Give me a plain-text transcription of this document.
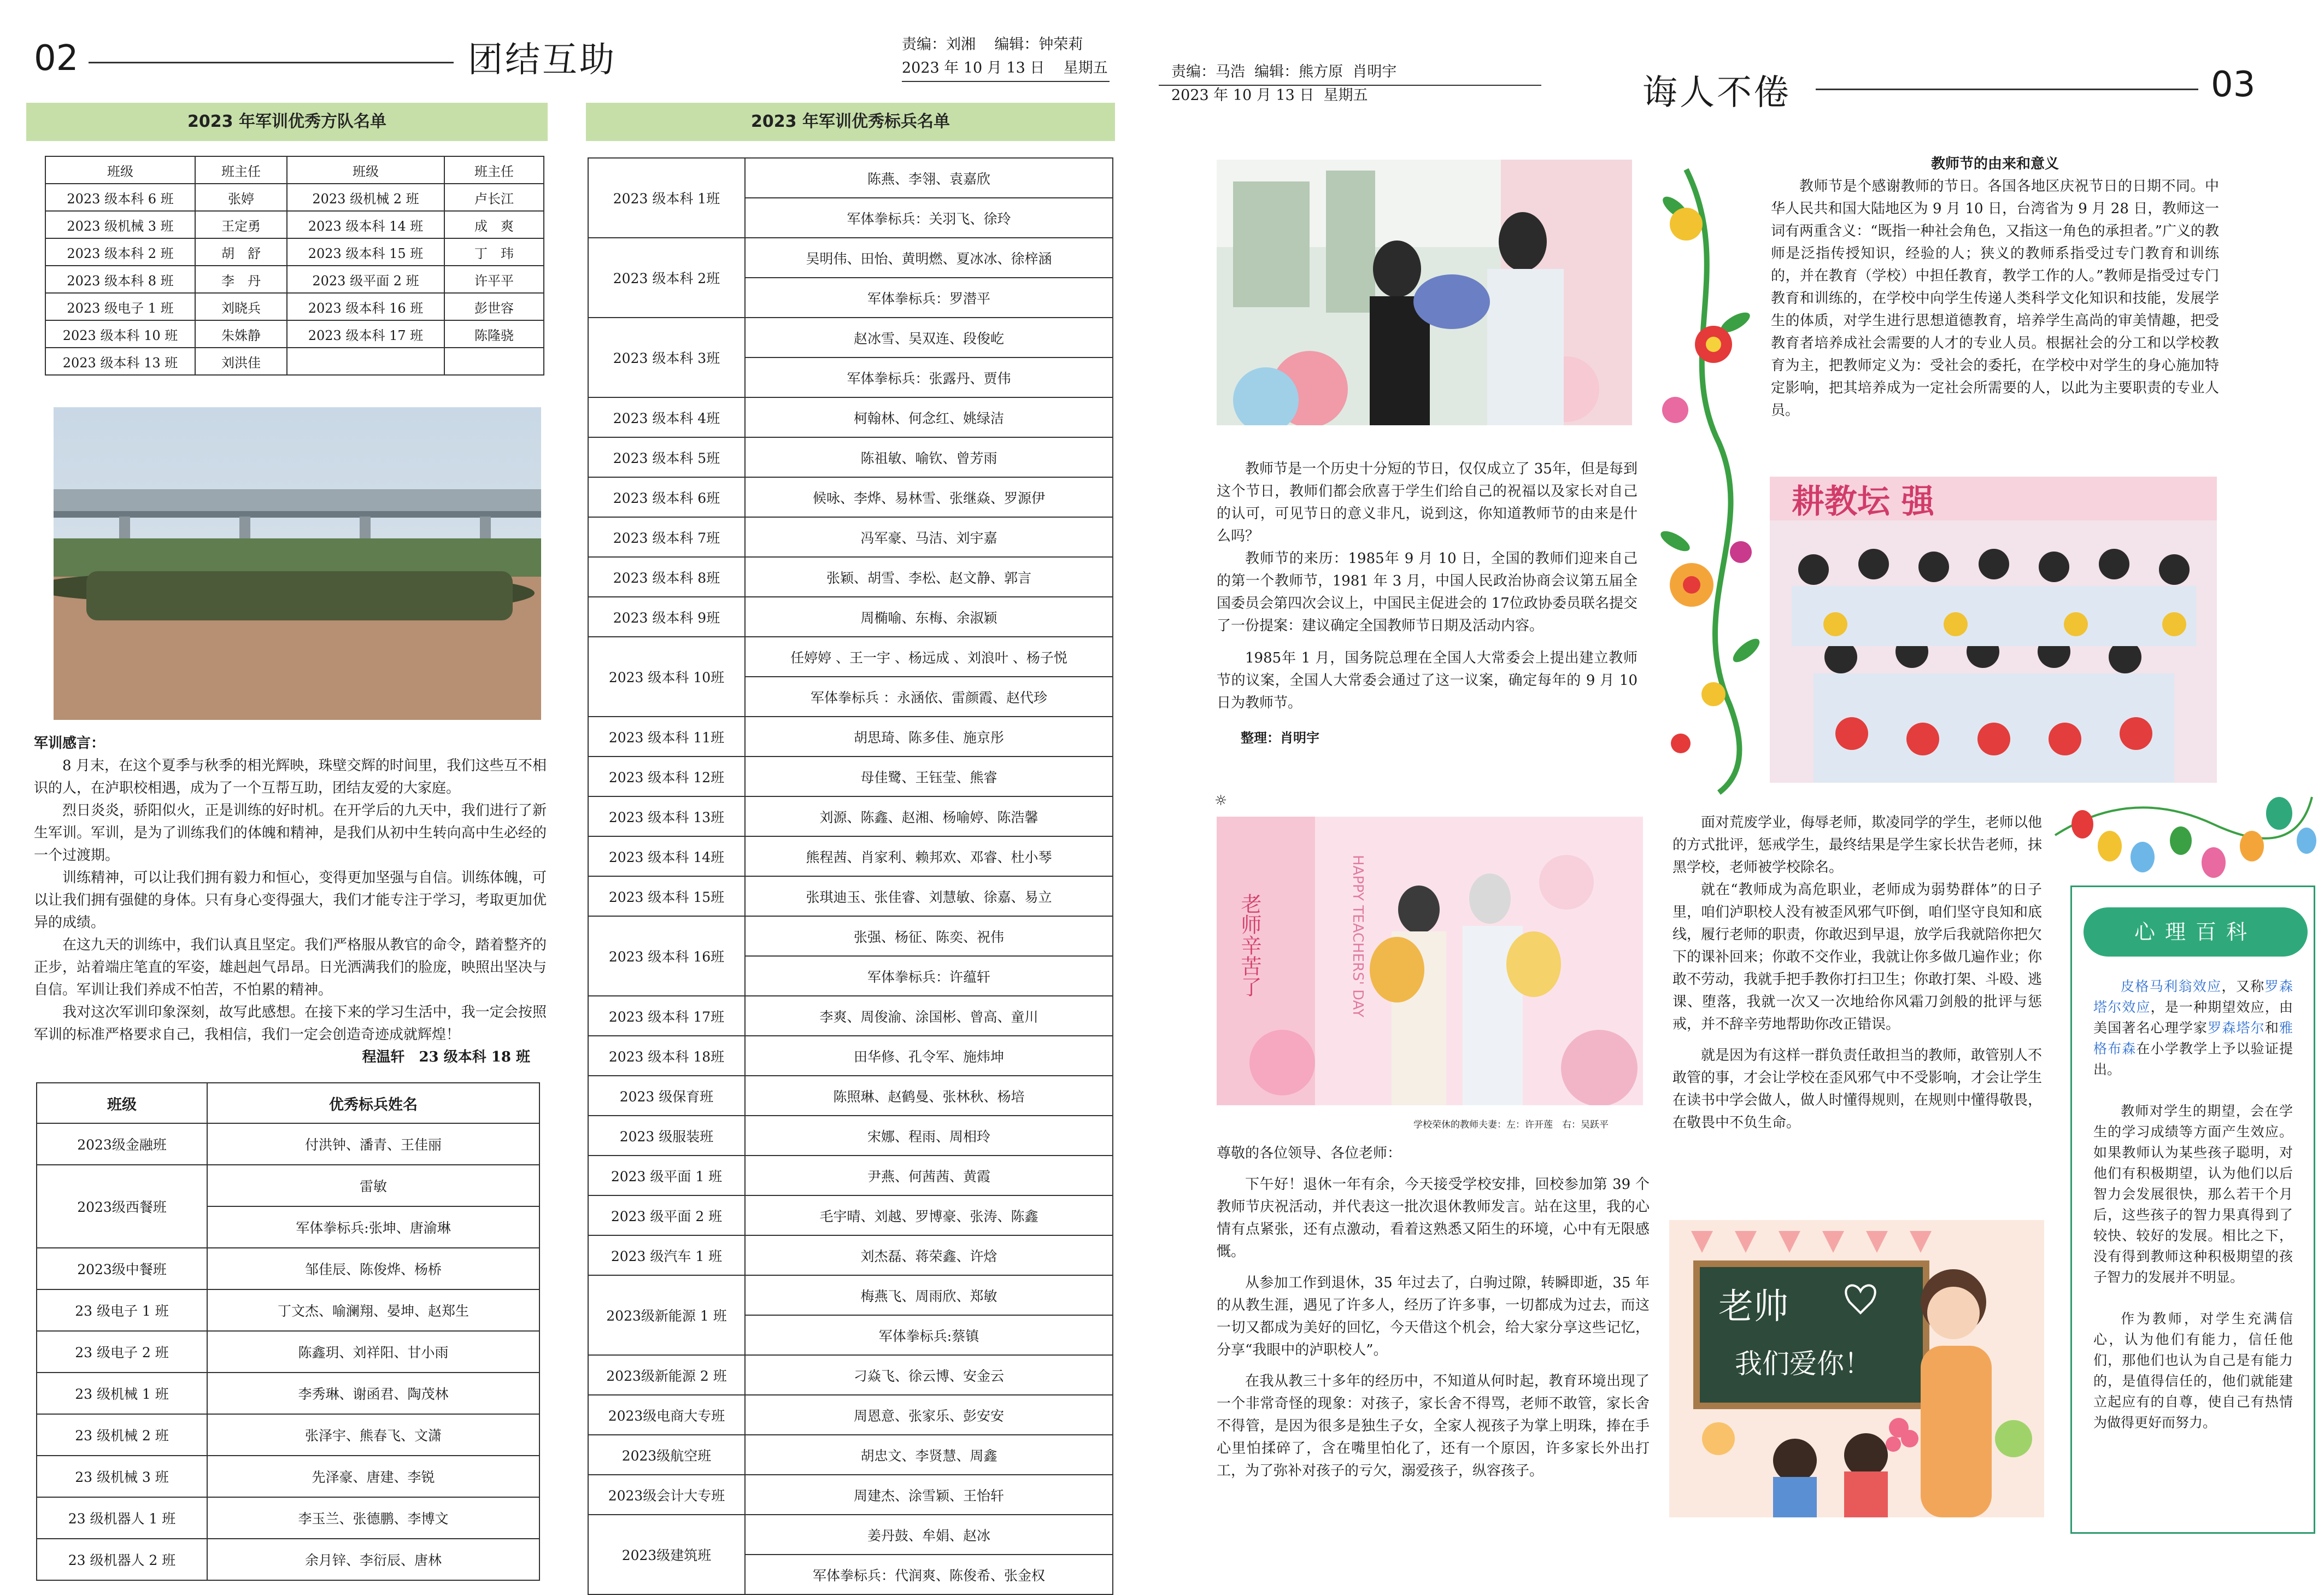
02	团结互助	责编：刘湘    编辑：钟荣莉
2023 年 10 月 13 日    星期五
2023 年军训优秀方队名单
班级	班主任	班级	班主任
2023 级本科 6 班	张婷	2023 级机械 2 班	卢长江
2023 级机械 3 班	王定勇	2023 级本科 14 班	成　爽
2023 级本科 2 班	胡　舒	2023 级本科 15 班	丁　玮
2023 级本科 8 班	李　丹	2023 级平面 2 班	许平平
2023 级电子 1 班	刘晓兵	2023 级本科 16 班	彭世容
2023 级本科 10 班	朱姝静	2023 级本科 17 班	陈隆骁
2023 级本科 13 班	刘洪佳		

军训感言：

8 月末，在这个夏季与秋季的相光辉映，珠壁交辉的时间里，我们这些互不相识的人，在泸职校相遇，成为了一个互帮互助，团结友爱的大家庭。

烈日炎炎，骄阳似火，正是训练的好时机。在开学后的九天中，我们进行了新生军训。军训，是为了训练我们的体魄和精神，是我们从初中生转向高中生必经的一个过渡期。

训练精神，可以让我们拥有毅力和恒心，变得更加坚强与自信。训练体魄，可以让我们拥有强健的身体。只有身心变得强大，我们才能专注于学习，考取更加优异的成绩。

在这九天的训练中，我们认真且坚定。我们严格服从教官的命令，踏着整齐的正步，站着端庄笔直的军姿，雄赳赳气昂昂。日光洒满我们的脸庞，映照出坚决与自信。军训让我们养成不怕苦，不怕累的精神。

我对这次军训印象深刻，故写此感想。在接下来的学习生活中，我一定会按照军训的标准严格要求自己，我相信，我们一定会创造奇迹成就辉煌！

程温轩　23 级本科 18 班

班级	优秀标兵姓名
2023级金融班	付洪钟、潘青、王佳丽
2023级西餐班	雷敏
	军体拳标兵:张坤、唐渝琳
2023级中餐班	邹佳辰、陈俊烨、杨桥
23 级电子 1 班	丁文杰、喻澜翔、晏坤、赵郑生
23 级电子 2 班	陈鑫玥、刘祥阳、甘小雨
23 级机械 1 班	李秀琳、谢函君、陶茂林
23 级机械 2 班	张泽宇、熊春飞、文潇
23 级机械 3 班	先泽豪、唐建、李锐
23 级机器人 1 班	李玉兰、张德鹏、李博文
23 级机器人 2 班	余月锌、李衍辰、唐林
2023 年军训优秀标兵名单
2023 级本科 1班	陈燕、李翎、袁嘉欣
	军体拳标兵：关羽飞、徐玲
2023 级本科 2班	吴明伟、田怡、黄明燃、夏冰冰、徐梓涵
	军体拳标兵：罗潜平
2023 级本科 3班	赵冰雪、吴双连、段俊屹
	军体拳标兵：张露丹、贾伟
2023 级本科 4班	柯翰林、何念红、姚绿洁
2023 级本科 5班	陈祖敏、喻钦、曾芳雨
2023 级本科 6班	候咏、李烨、易林雪、张继焱、罗源伊
2023 级本科 7班	冯军豪、马洁、刘宇嘉
2023 级本科 8班	张颖、胡雪、李松、赵文静、郭言
2023 级本科 9班	周椭喻、东梅、余淑颖
2023 级本科 10班	任婷婷 、王一宇 、杨远成 、刘浪叶 、杨子悦
	军体拳标兵 ：永涵依、雷颜霞、赵代珍
2023 级本科 11班	胡思琦、陈多佳、施京彤
2023 级本科 12班	母佳鹭、王钰莹、熊睿
2023 级本科 13班	刘源、陈鑫、赵湘、杨喻婷、陈浩馨
2023 级本科 14班	熊程茜、肖家利、赖邦欢、邓睿、杜小琴
2023 级本科 15班	张琪迪玉、张佳睿、刘慧敏、徐嘉、易立
2023 级本科 16班	张强、杨征、陈奕、祝伟
	军体拳标兵：许蕴轩
2023 级本科 17班	李爽、周俊渝、涂国彬、曾高、童川
2023 级本科 18班	田华修、孔令军、施炜坤
2023 级保育班	陈照琳、赵鹤曼、张林秋、杨培
2023 级服装班	宋娜、程雨、周相玲
2023 级平面 1 班	尹燕、何茜茜、黄霞
2023 级平面 2 班	毛宇晴、刘越、罗博豪、张涛、陈鑫
2023 级汽车 1 班	刘杰磊、蒋荣鑫、许焓
2023级新能源 1 班	梅燕飞、周雨欣、郑敏
	军体拳标兵:蔡镇
2023级新能源 2 班	刁焱飞、徐云博、安金云
2023级电商大专班	周恩意、张家乐、彭安安
2023级航空班	胡忠文、李贤慧、周鑫
2023级会计大专班	周建杰、涂雪颖、王怡轩
2023级建筑班	姜丹鼓、牟娟、赵冰
	军体拳标兵：代润爽、陈俊希、张金权
责编：马浩  编辑：熊方原  肖明宇
2023 年 10 月 13 日  星期五	诲人不倦	03

教师节是一个历史十分短的节日，仅仅成立了 35年，但是每到这个节日，教师们都会欣喜于学生们给自己的祝福以及家长对自己的认可，可见节日的意义非凡，说到这，你知道教师节的由来是什么吗？

教师节的来历：1985年 9 月 10 日，全国的教师们迎来自己的第一个教师节，1981 年 3 月，中国人民政治协商会议第五届全国委员会第四次会议上，中国民主促进会的 17位政协委员联名提交了一份提案：建议确定全国教师节日期及活动内容。

1985年 1 月，国务院总理在全国人大常委会上提出建立教师节的议案，全国人大常委会通过了这一议案，确定每年的 9 月 10 日为教师节。

整理：肖明宇

教师节的由来和意义

教师节是个感谢教师的节日。各国各地区庆祝节日的日期不同。中华人民共和国大陆地区为 9 月 10 日，台湾省为 9 月 28 日，教师这一词有两重含义：“既指一种社会角色，又指这一角色的承担者。”广义的教师是泛指传授知识，经验的人；狭义的教师系指受过专门教育和训练的，并在教育（学校）中担任教育，教学工作的人。”教师是指受过专门教育和训练的，在学校中向学生传递人类科学文化知识和技能，发展学生的体质，对学生进行思想道德教育，培养学生高尚的审美情趣，把受教育者培养成社会需要的人才的专业人员。根据社会的分工和以学校教育为主，把教师定义为：受社会的委托，在学校中对学生的身心施加特定影响，把其培养成为一定社会所需要的人，以此为主要职责的专业人员。

耕教坛 强
☼
老师辛苦了	HAPPY TEACHERS' DAY
学校荣休的教师夫妻：左：许开莲　右：吴跃平

尊敬的各位领导、各位老师：

下午好！退休一年有余，今天接受学校安排，回校参加第 39 个教师节庆祝活动，并代表这一批次退休教师发言。站在这里，我的心情有点紧张，还有点激动，看着这熟悉又陌生的环境，心中有无限感慨。

从参加工作到退休，35 年过去了，白驹过隙，转瞬即逝，35 年的从教生涯，遇见了许多人，经历了许多事，一切都成为过去，而这一切又都成为美好的回忆，今天借这个机会，给大家分享这些记忆，分享“我眼中的泸职校人”。

在我从教三十多年的经历中，不知道从何时起，教育环境出现了一个非常奇怪的现象：对孩子，家长舍不得骂，老师不敢管，家长舍不得管，是因为很多是独生子女，全家人视孩子为掌上明珠，捧在手心里怕揉碎了，含在嘴里怕化了，还有一个原因，许多家长外出打工，为了弥补对孩子的亏欠，溺爱孩子，纵容孩子。

面对荒废学业，侮辱老师，欺凌同学的学生，老师以他的方式批评，惩戒学生，最终结果是学生家长状告老师，抹黑学校，老师被学校除名。

就在“教师成为高危职业，老师成为弱势群体”的日子里，咱们泸职校人没有被歪风邪气吓倒，咱们坚守良知和底线，履行老师的职责，你敢迟到早退，放学后我就陪你把欠下的课补回来；你敢不交作业，我就让你多做几遍作业；你敢不劳动，我就手把手教你打扫卫生；你敢打架、斗殴、逃课、堕落，我就一次又一次地给你风霜刀剑般的批评与惩戒，并不辞辛劳地帮助你改正错误。

就是因为有这样一群负责任敢担当的教师，敢管别人不敢管的事，才会让学校在歪风邪气中不受影响，才会让学生在读书中学会做人，做人时懂得规则，在规则中懂得敬畏，在敬畏中不负生命。

老帅
我们爱你！
心理百科

皮格马利翁效应，又称罗森塔尔效应，是一种期望效应，由美国著名心理学家罗森塔尔和雅格布森在小学教学上予以验证提出。

教师对学生的期望，会在学生的学习成绩等方面产生效应。如果教师认为某些孩子聪明，对他们有积极期望，认为他们以后智力会发展很快，那么若干个月后，这些孩子的智力果真得到了较快、较好的发展。相比之下，没有得到教师这种积极期望的孩子智力的发展并不明显。

作为教师，对学生充满信心，认为他们有能力，信任他们，那他们也认为自己是有能力的，是值得信任的，他们就能建立起应有的自尊，使自己有热情为做得更好而努力。
